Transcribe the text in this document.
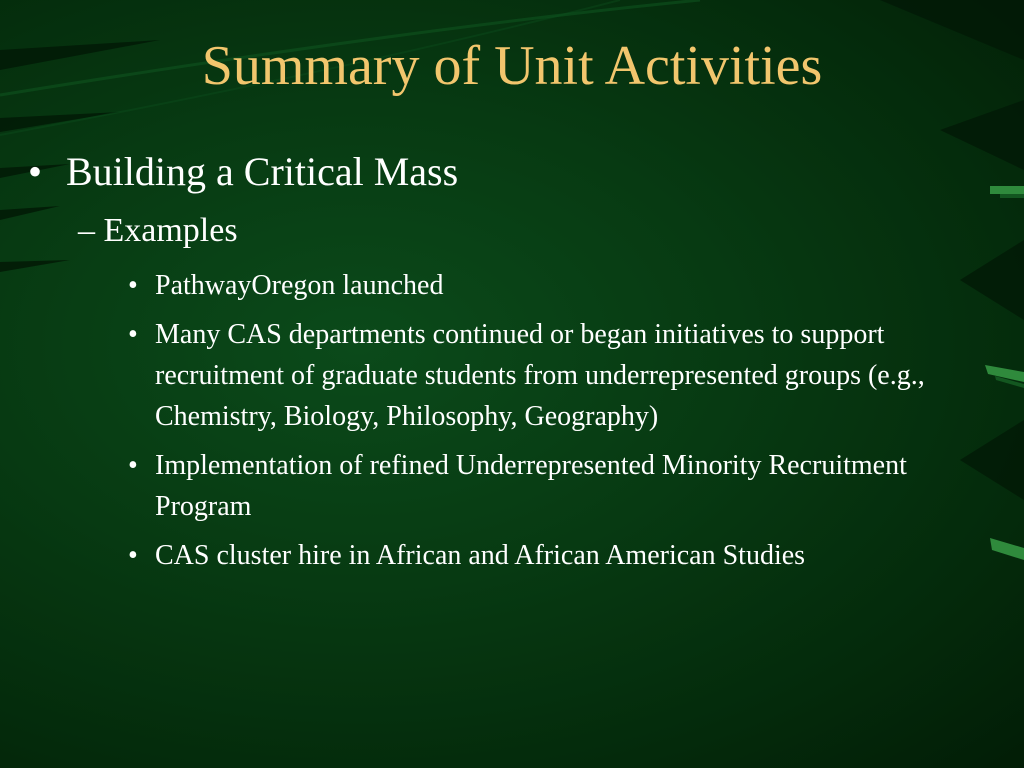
Summary of Unit Activities
• Building a Critical Mass
– Examples
• PathwayOregon launched
• Many CAS departments continued or began initiatives to support recruitment of graduate students from underrepresented groups (e.g., Chemistry, Biology, Philosophy, Geography)
• Implementation of refined Underrepresented Minority Recruitment Program
• CAS cluster hire in African and African American Studies
